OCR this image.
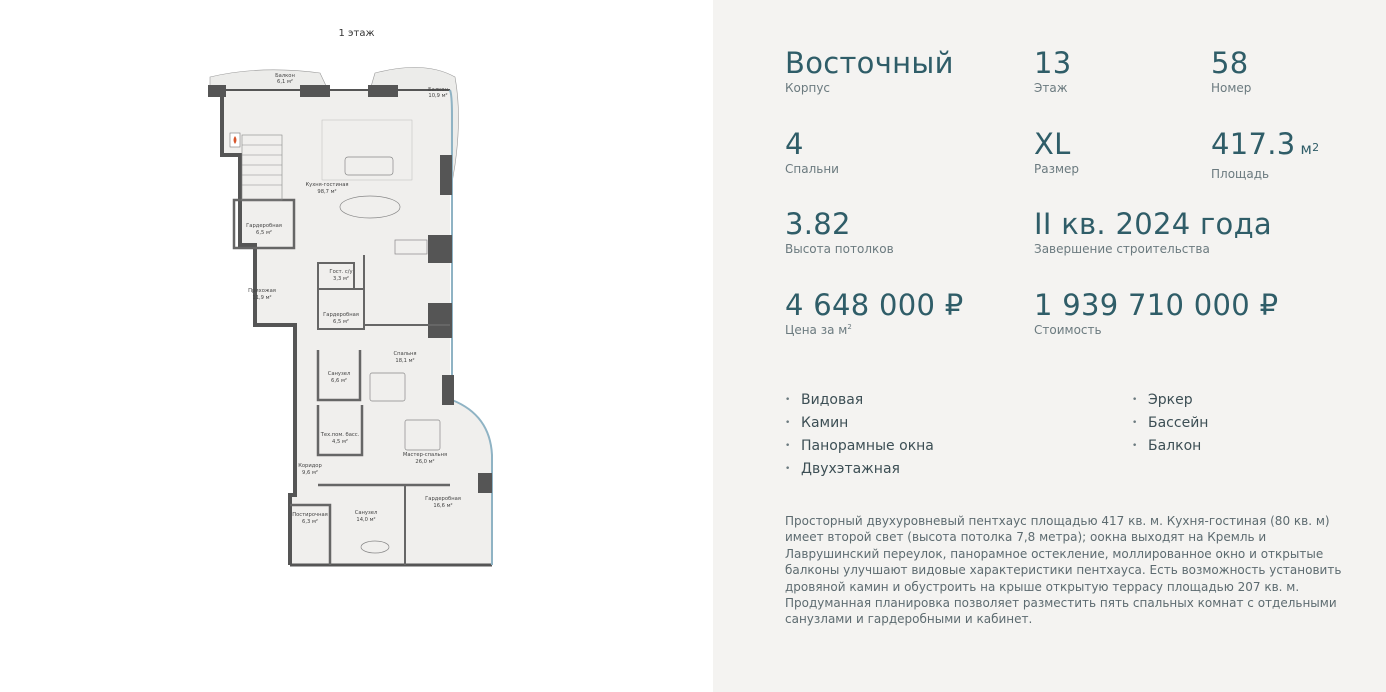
1 этаж
Балкон
6,1 м²
Балкон
10,9 м²
Кухня-гостиная
98,7 м²
Гардеробная
6,5 м²
Прихожая
11,9 м²
Гост. с/у
3,3 м²
Гардеробная
6,5 м²
Спальня
18,1 м²
Санузел
6,6 м²
Тех.пом. басс.
4,5 м²
Мастер-спальня
26,0 м²
Коридор
9,6 м²
Постирочная
6,3 м²
Санузел
14,0 м²
Гардеробная
16,6 м²
Восточный
Корпус
13
Этаж
58
Номер
4
Спальни
XL
Размер
417.3 $м^2$
Площадь
3.82
Высота потолков
II кв. 2024 года
Завершение строительства
4 648 000 ₽
Цена за $м^2$
1 939 710 000 ₽
Стоимость
• Видовая
• Камин
• Панорамные окна
• Двухэтажная
• Эркер
• Бассейн
• Балкон
Просторный двухуровневый пентхаус площадью 417 кв. м. Кухня-гостиная (80 кв. м) имеет второй свет (высота потолка 7,8 метра); оокна выходят на Кремль и Лаврушинский переулок, панорамное остекление, моллированное окно и открытые балконы улучшают видовые характеристики пентхауса. Есть возможность установить дровяной камин и обустроить на крыше открытую террасу площадью 207 кв. м. Продуманная планировка позволяет разместить пять спальных комнат с отдельными санузлами и гардеробными и кабинет.
